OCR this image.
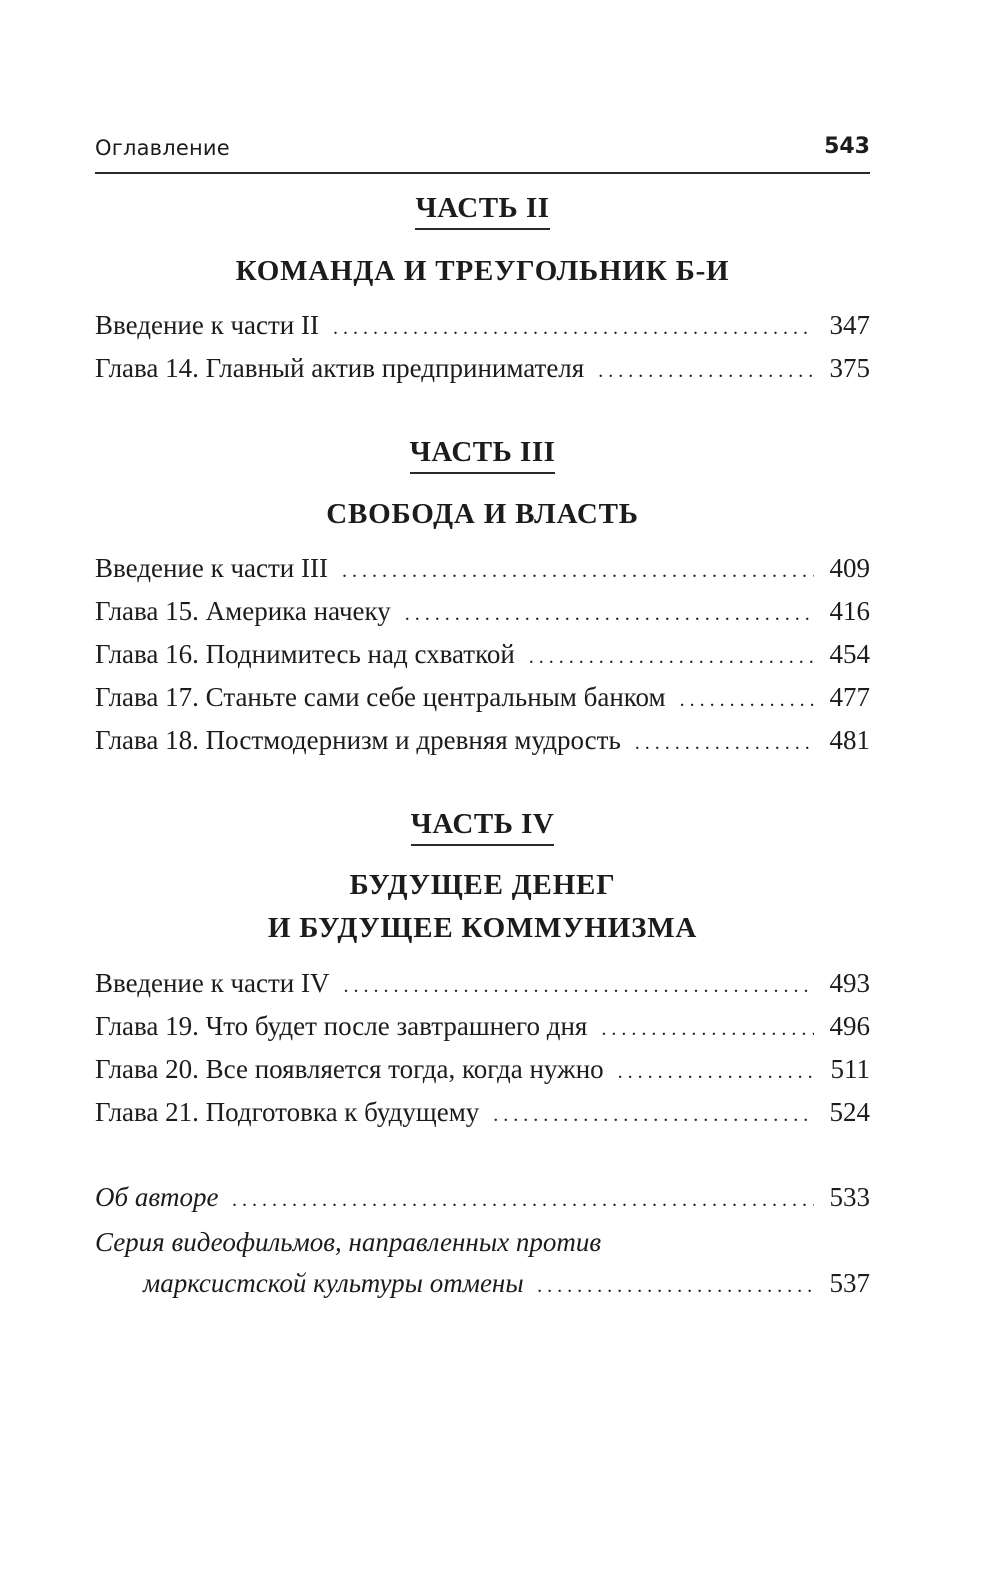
Оглавление	543
ЧАСТЬ II
КОМАНДА И ТРЕУГОЛЬНИК Б-И
Введение к части II . . .	347
Глава 14. Главный актив предпринимателя . . .	375
ЧАСТЬ III
СВОБОДА И ВЛАСТЬ
Введение к части III . . .	409
Глава 15. Америка начеку . . .	416
Глава 16. Поднимитесь над схваткой . . .	454
Глава 17. Станьте сами себе центральным банком . . .	477
Глава 18. Постмодернизм и древняя мудрость . . .	481
ЧАСТЬ IV
БУДУЩЕЕ ДЕНЕГ
И БУДУЩЕЕ КОММУНИЗМА
Введение к части IV . . .	493
Глава 19. Что будет после завтрашнего дня . . .	496
Глава 20. Все появляется тогда, когда нужно . . .	511
Глава 21. Подготовка к будущему . . .	524
Об авторе . . .	533
Серия видеофильмов, направленных против
марксистской культуры отмены . . .	537
